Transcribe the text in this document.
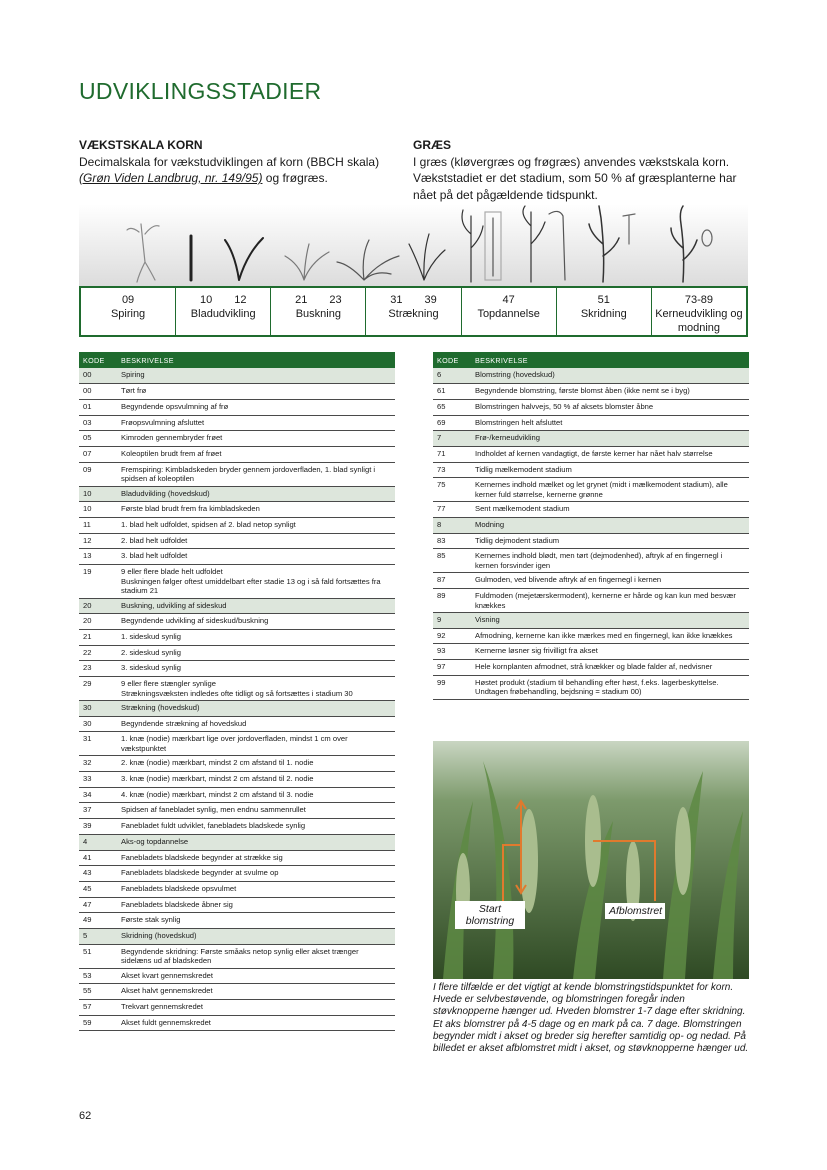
UDVIKLINGSSTADIER
VÆKSTSKALA KORN
Decimalskala for vækstudviklingen af korn (BBCH skala)
(Grøn Viden Landbrug, nr. 149/95) og frøgræs.
GRÆS
I græs (kløvergræs og frøgræs) anvendes vækstskala korn. Vækststadiet er det stadium, som 50 % af græsplanterne har nået på det pågældende tidspunkt.
09
Spiring
10 12
Bladudvikling
21 23
Buskning
31 39
Strækning
47
Topdannelse
51
Skridning
73-89
Kerneudvikling og modning
KODE	BESKRIVELSE
00	Spiring
00	Tørt frø
01	Begyndende opsvulmning af frø
03	Frøopsvulmning afsluttet
05	Kimroden gennembryder frøet
07	Koleoptilen brudt frem af frøet
09	Fremspiring: Kimbladskeden bryder gennem jordoverfladen, 1. blad synligt i spidsen af koleoptilen
10	Bladudvikling (hovedskud)
10	Første blad brudt frem fra kimbladskeden
11	1. blad helt udfoldet, spidsen af 2. blad netop synligt
12	2. blad helt udfoldet
13	3. blad helt udfoldet
19	9 eller flere blade helt udfoldet
Buskningen følger oftest umiddelbart efter stadie 13 og i så fald fortsættes fra stadium 21
20	Buskning, udvikling af sideskud
20	Begyndende udvikling af sideskud/buskning
21	1. sideskud synlig
22	2. sideskud synlig
23	3. sideskud synlig
29	9 eller flere stængler synlige
Strækningsvæksten indledes ofte tidligt og så fortsættes i stadium 30
30	Strækning (hovedskud)
30	Begyndende strækning af hovedskud
31	1. knæ (nodie) mærkbart lige over jordoverfladen, mindst 1 cm over vækstpunktet
32	2. knæ (nodie) mærkbart, mindst 2 cm afstand til 1. nodie
33	3. knæ (nodie) mærkbart, mindst 2 cm afstand til 2. nodie
34	4. knæ (nodie) mærkbart, mindst 2 cm afstand til 3. nodie
37	Spidsen af fanebladet synlig, men endnu sammenrullet
39	Fanebladet fuldt udviklet, fanebladets bladskede synlig
4	Aks-og topdannelse
41	Fanebladets bladskede begynder at strække sig
43	Fanebladets bladskede begynder at svulme op
45	Fanebladets bladskede opsvulmet
47	Fanebladets bladskede åbner sig
49	Første stak synlig
5	Skridning (hovedskud)
51	Begyndende skridning: Første småaks netop synlig eller akset trænger sidelæns ud af bladskeden
53	Akset kvart gennemskredet
55	Akset halvt gennemskredet
57	Trekvart gennemskredet
59	Akset fuldt gennemskredet
KODE	BESKRIVELSE
6	Blomstring (hovedskud)
61	Begyndende blomstring, første blomst åben (ikke nemt se i byg)
65	Blomstringen halvvejs, 50 % af aksets blomster åbne
69	Blomstringen helt afsluttet
7	Frø-/kerneudvikling
71	Indholdet af kernen vandagtigt, de første kerner har nået halv størrelse
73	Tidlig mælkemodent stadium
75	Kernernes indhold mælket og let grynet (midt i mælkemodent stadium), alle kerner fuld størrelse, kernerne grønne
77	Sent mælkemodent stadium
8	Modning
83	Tidlig dejmodent stadium
85	Kernernes indhold blødt, men tørt (dejmodenhed), aftryk af en fingernegl i kernen forsvinder igen
87	Gulmoden, ved blivende aftryk af en fingernegl i kernen
89	Fuldmoden (mejetærskermodent), kernerne er hårde og kan kun med besvær knækkes
9	Visning
92	Afmodning, kernerne kan ikke mærkes med en fingernegl, kan ikke knækkes
93	Kernerne løsner sig frivilligt fra akset
97	Hele kornplanten afmodnet, strå knækker og blade falder af, nedvisner
99	Høstet produkt (stadium til behandling efter høst, f.eks. lagerbeskyttelse. Undtagen frøbehandling, bejdsning = stadium 00)
Start blomstring
Afblomstret
I flere tilfælde er det vigtigt at kende blomstringstidspunktet for korn. Hvede er selvbestøvende, og blomstringen foregår inden støvknopperne hænger ud. Hveden blomstrer 1-7 dage efter skridning. Et aks blomstrer på 4-5 dage og en mark på ca. 7 dage. Blomstringen begynder midt i akset og breder sig herefter samtidig op- og nedad. På billedet er akset afblomstret midt i akset, og støvknopperne hænger ud.
62
